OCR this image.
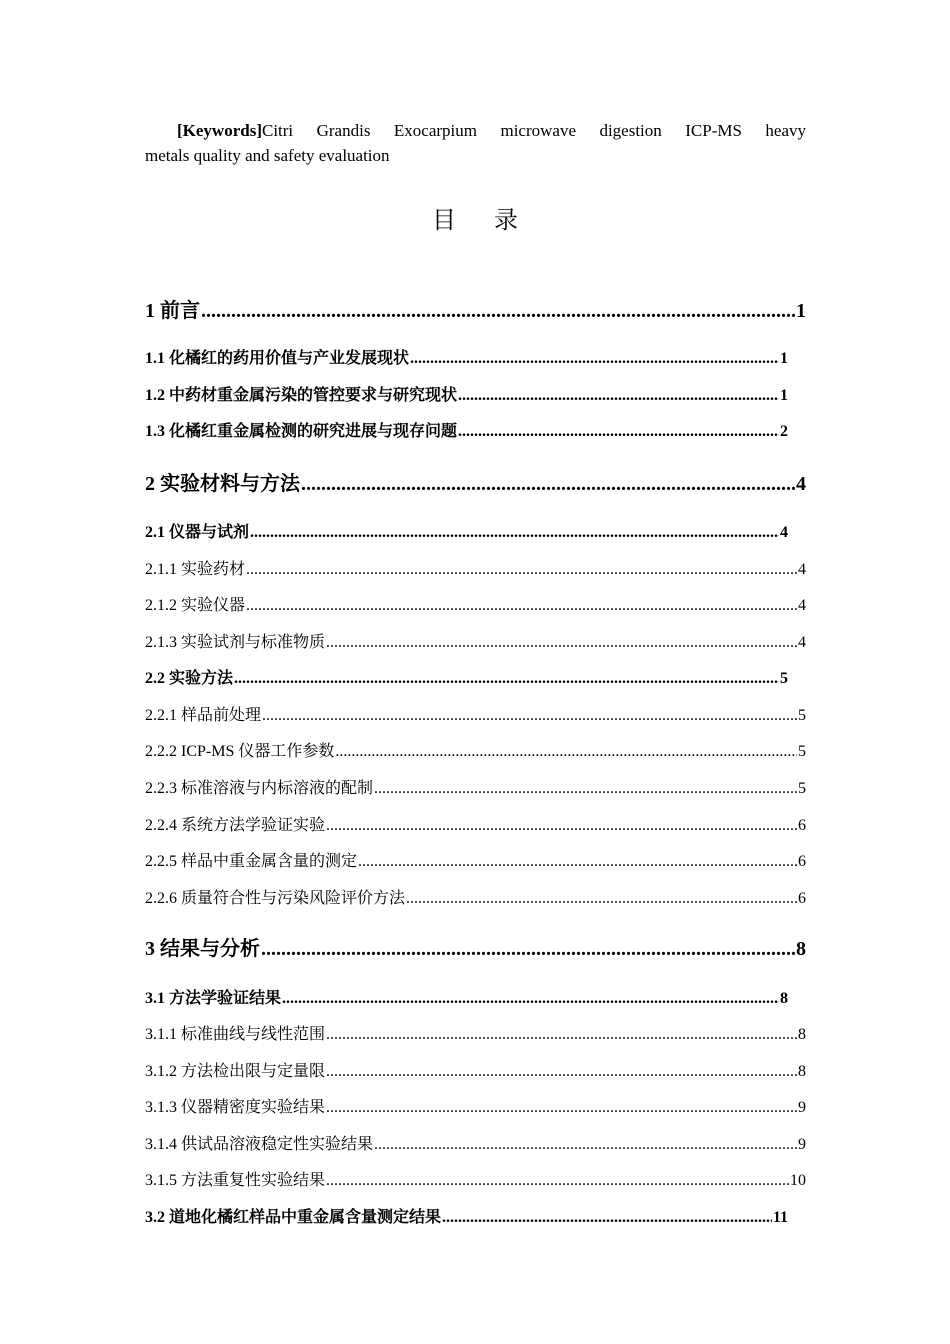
[Keywords]Citri Grandis Exocarpium microwave digestion ICP-MS heavy
metals quality and safety evaluation
目录
1 前言 .....	1
1.1 化橘红的药用价值与产业发展现状 .....	1
1.2 中药材重金属污染的管控要求与研究现状 .....	1
1.3 化橘红重金属检测的研究进展与现存问题 .....	2
2 实验材料与方法 .....	4
2.1 仪器与试剂 .....	4
2.1.1 实验药材 .....	4
2.1.2 实验仪器 .....	4
2.1.3 实验试剂与标准物质 .....	4
2.2 实验方法 .....	5
2.2.1 样品前处理 .....	5
2.2.2 ICP-MS 仪器工作参数 .....	5
2.2.3 标准溶液与内标溶液的配制 .....	5
2.2.4 系统方法学验证实验 .....	6
2.2.5 样品中重金属含量的测定 .....	6
2.2.6 质量符合性与污染风险评价方法 .....	6
3 结果与分析 .....	8
3.1 方法学验证结果 .....	8
3.1.1 标准曲线与线性范围 .....	8
3.1.2 方法检出限与定量限 .....	8
3.1.3 仪器精密度实验结果 .....	9
3.1.4 供试品溶液稳定性实验结果 .....	9
3.1.5 方法重复性实验结果 .....	10
3.2 道地化橘红样品中重金属含量测定结果 .....	11
